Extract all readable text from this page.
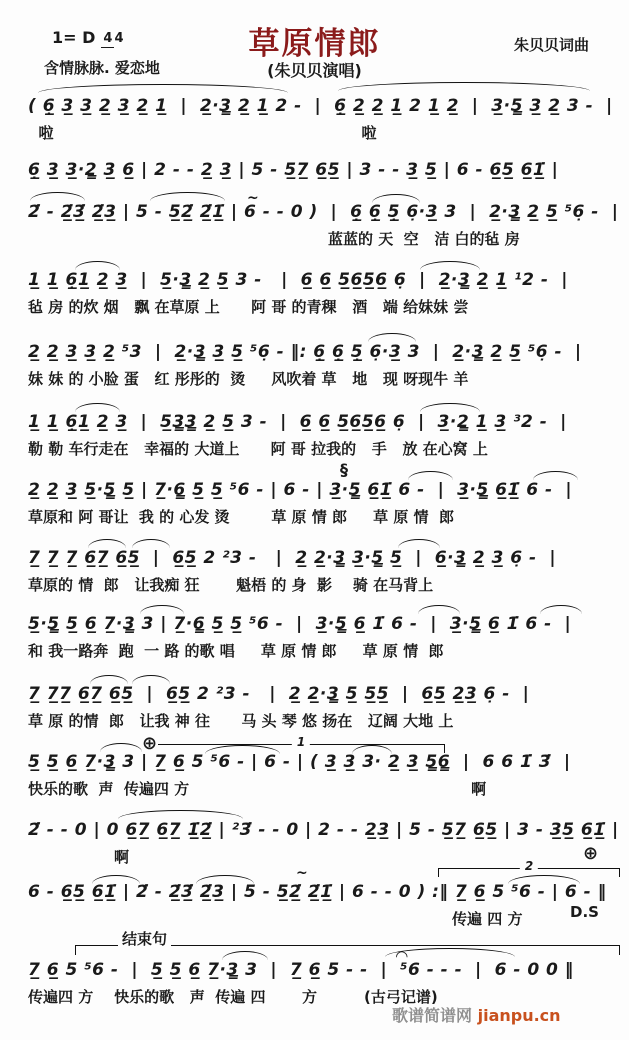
1= D 4 4
含情脉脉. 爱恋地
草原情郎
(朱贝贝演唱)
朱贝贝词曲
( 6̲̣ 3̲ 3̲ 2̲ 3̲ 2̲ 1̲  |  2̲·3̳ 2̲ 1̲ 2 -  |  6̲̣ 2̲ 2̲ 1̲ 2 1̲ 2̲  |  3̲·5̳ 3̲ 2̲ 3 -  |
啦                                                           啦
6̲̣ 3̲ 3̲·2̳ 3̲ 6̲ | 2 - - 2̲ 3̲ | 5 - 5̲7̲ 6̲5̲ | 3 - - 3̲ 5̲ | 6 - 6̲5̲ 6̲1̲̇ |
2̇ - 2̲̇3̲̇ 2̲̇3̲ | 5 - 5̲2̲̇ 2̲̇1̲̇ | 6 - - 0 )  |  6̲̣ 6̲̣ 5̲̣ 6̣·3̲ 3  |  2̲·3̳ 2̲ 5̲ ⁵6̣ -  |
蓝蓝的 天  空   洁 白的毡 房
1̲ 1̲ 6̲̣1̲ 2̲ 3̲  |  5̲·3̳ 2̲ 5̲ 3 -   |  6̲ 6̲ 5̲6̲5̲6̲ 6̣  |  2̲·3̳ 2̲ 1̲ ¹2 -  |
毡 房 的炊 烟   飘 在草原 上      阿 哥 的青稞   酒   端 给妹妹 尝
2̲ 2̲ 3̲ 3̲ 2̲ ⁵3  |  2̲·3̳ 3̲ 5̲ ⁵6̣ - ‖: 6̲̣ 6̲̣ 5̲̣ 6̣·3̲ 3  |  2̲·3̳ 2̲ 5̲ ⁵6̣ -  |
妹 妹 的 小脸 蛋   红 彤彤的  烫     风吹着 草   地   现 呀现牛 羊
1̲ 1̲ 6̲̣1̲ 2̲ 3̲  |  5̲3̳3̳ 2̲ 5̲ 3 -  |  6̲ 6̲ 5̲6̲5̲6̲ 6̣  |  3̲·2̳ 1̲ 3̲ ³2 -  |
勒 勒 车行走在   幸福的 大道上      阿 哥 拉我的   手   放 在心窝 上
2̲ 2̲ 3̲ 5̲·5̳ 5̲ | 7̲·6̳ 5̲ 5̲ ⁵6 - | 6 - | 3̲·5̳ 6̲1̲̇ 6 -  |  3̲·5̳ 6̲1̲̇ 6 -  |
草原和 阿 哥让  我 的 心发 烫        草 原 情 郎     草 原 情  郎
7̲ 7̲ 7̲ 6̲7̲ 6̲5̲  |  6̲5̲ 2 ²3 -   |  2̲ 2̲·3̳ 3̲·5̳ 5̲  |  6̲·3̳ 2̲ 3̲ 6̣ -  |
草原的 情  郎   让我痴 狂       魁梧 的 身  影    骑 在马背上
5̲·5̳ 5̲ 6̲ 7̲·3̳ 3 | 7̲·6̳ 5̲ 5̲ ⁵6 -  |  3̲·5̳ 6̲ 1̇ 6 -  |  3̲·5̳ 6̲ 1̇ 6 -  |
和 我一路奔  跑  一 路 的歌 唱     草 原 情 郎     草 原 情  郎
7̲ 7̲7̲ 6̲7̲ 6̲5̲  |  6̲5̲ 2 ²3 -   |  2̲ 2̲·3̳ 5̲ 5̲5̲  |  6̲5̲ 2̲3̲ 6̣ -  |
草 原 的情  郎   让我 神 往      马 头 琴 悠 扬在   辽阔 大地 上
5̲ 5̲ 6̲ 7̲·3̳ 3 | 7̲ 6̲ 5 ⁵6 - | 6 - | ( 3̲ 3̲ 3· 2̲ 3̲ 5̳6̳  |  6 6 1̇ 3̇  |
快乐的歌  声  传遍四 方                                                      啊
2̇ - - 0 | 0 6̲7̲ 6̲7̲ 1̲̇2̲̇ | ²3̇ - - 0 | 2 - - 2̲3̲ | 5 - 5̲7̲ 6̲5̲ | 3 - 3̲5̲ 6̲1̲̇ |
啊
6 - 6̲5̲ 6̲1̲̇ | 2̇ - 2̲̇3̲̇ 2̲̇3̲ | 5 - 5̲2̲̇ 2̲̇1̲̇ | 6 - - 0 ) :‖ 7̲ 6̲ 5 ⁵6 - | 6 - ‖
传遍 四 方
7̲ 6̲ 5 ⁵6 -  |  5̲ 5̲ 6̲ 7̲·3̳ 3  |  7̲ 6̲ 5 - -  |  ⁵6 - - -  |  6 - 0 0 ‖
传遍四 方    快乐的歌   声  传遍 四       方         (古弓记谱)
§
⊕	1
⊕
2
D.S
结束句
◠
~
~
歌谱简谱网 jianpu.cn
